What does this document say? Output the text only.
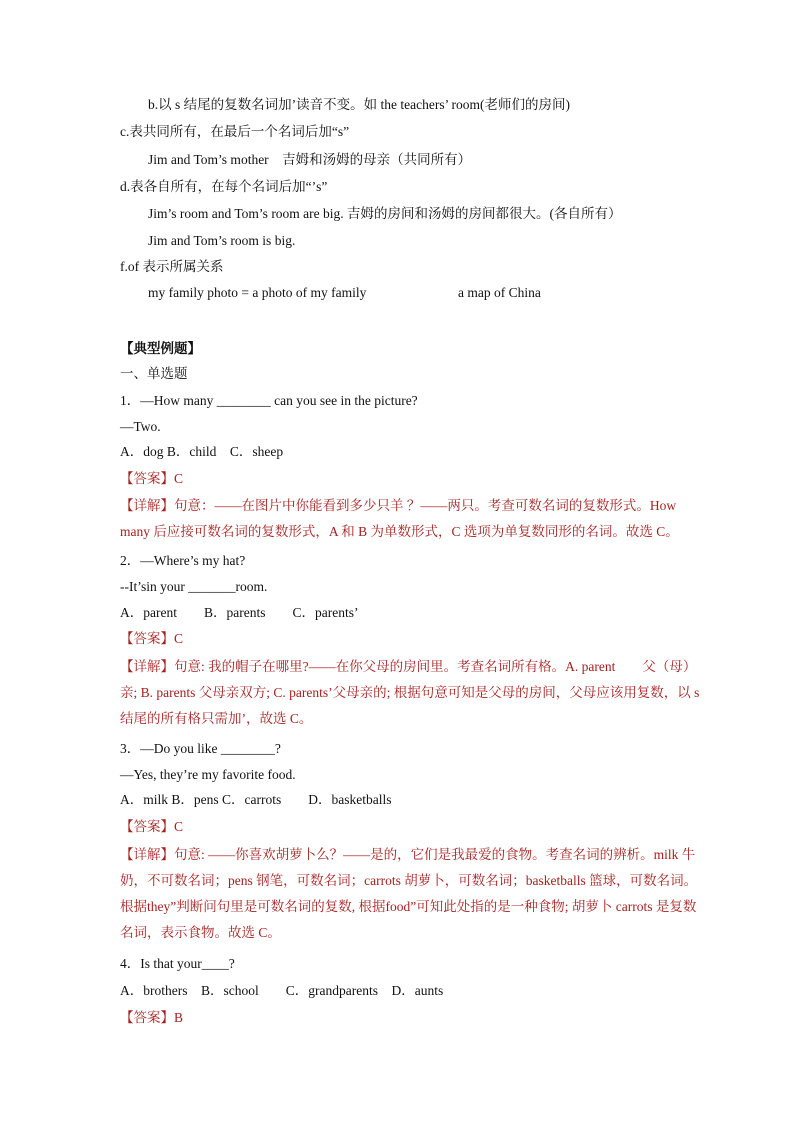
b.以 s 结尾的复数名词加’读音不变。如 the teachers’ room(老师们的房间)
c.表共同所有，在最后一个名词后加“s”
Jim and Tom’s mother　吉姆和汤姆的母亲（共同所有）
d.表各自所有，在每个名词后加“’s”
Jim’s room and Tom’s room are big. 吉姆的房间和汤姆的房间都很大。(各自所有）
Jim and Tom’s room is big.
f.of 表示所属关系
my family photo = a photo of my family	a map of China
【典型例题】
一、单选题
1．—How many ________ can you see in the picture?
—Two.
A．dog B．child　C．sheep
【答案】C
【详解】句意：——在图片中你能看到多少只羊 ？——两只。考查可数名词的复数形式。How many 后应接可数名词的复数形式，A 和 B 为单数形式，C 选项为单复数同形的名词。故选 C。
2．—Where’s my hat?
--It’sin your _______room.
A．parent　　B．parents　　C．parents’
【答案】C
【详解】句意: 我的帽子在哪里?——在你父母的房间里。考查名词所有格。A. parent　　父（母）亲; B. parents 父母亲双方; C. parents’父母亲的; 根据句意可知是父母的房间，父母应该用复数，以 s 结尾的所有格只需加’，故选 C。
3．—Do you like ________?
—Yes, they’re my favorite food.
A．milk B．pens C．carrots　　D．basketballs
【答案】C
【详解】句意: ——你喜欢胡萝卜么？——是的，它们是我最爱的食物。考查名词的辨析。milk 牛奶，不可数名词；pens 钢笔，可数名词；carrots 胡萝卜，可数名词；basketballs 篮球，可数名词。根据they”判断问句里是可数名词的复数, 根据food”可知此处指的是一种食物; 胡萝卜 carrots 是复数名词，表示食物。故选 C。
4．Is that your____?
A．brothers　B．school　　C．grandparents　D．aunts
【答案】B
